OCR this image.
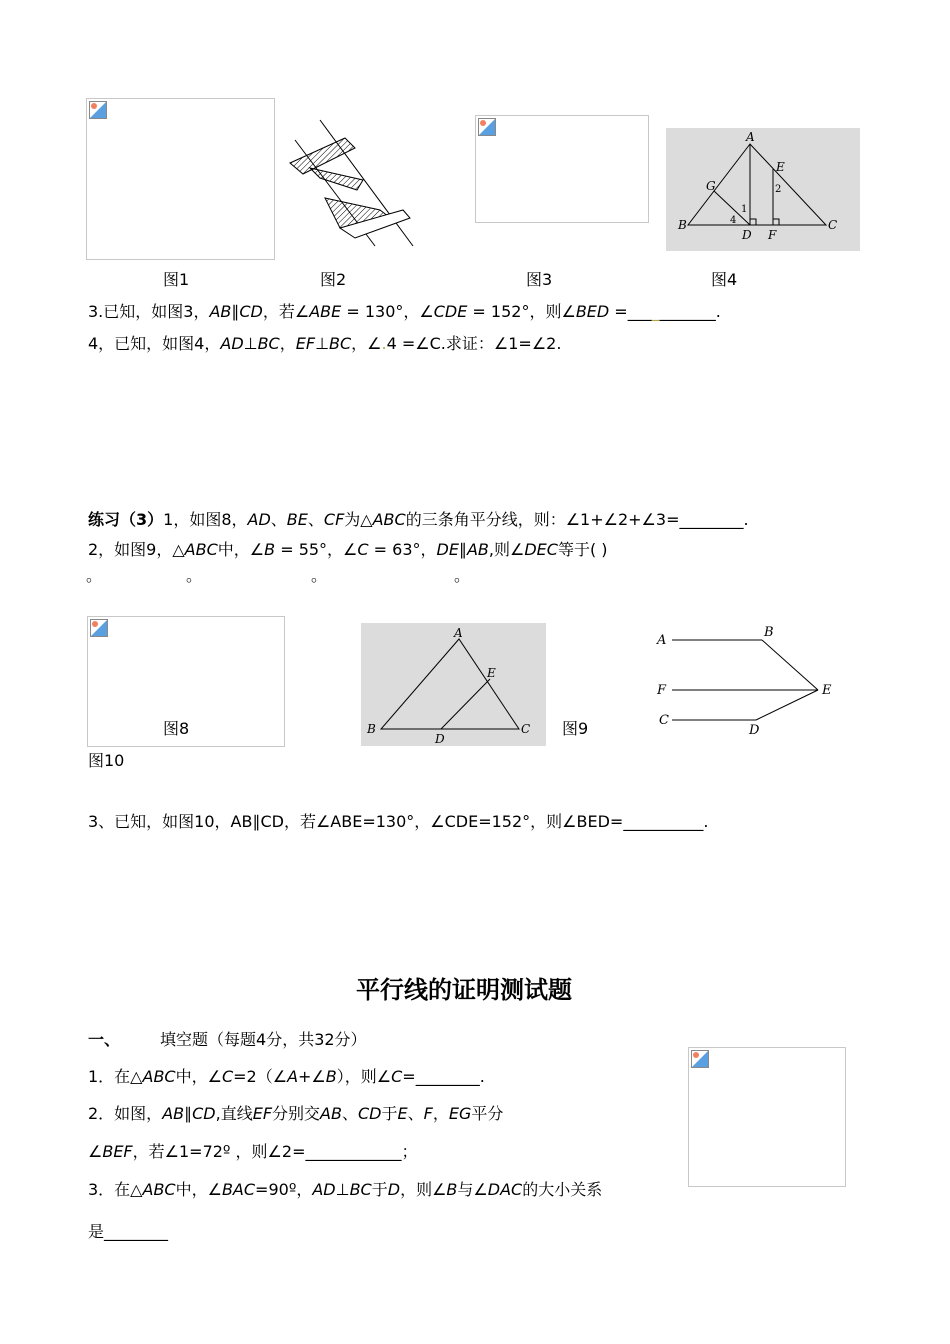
A
B	C
D
E
F
G
1
2
4
图1	图2	图3	图4
3.已知，如图3，AB∥CD，若∠ABE = 130°，∠CDE = 152°，则∠BED =___________.
4，已知，如图4，AD⊥BC，EF⊥BC，∠.4 =∠C.求证：∠1=∠2.
练习（3）1，如图8，AD、BE、CF为△ABC的三条角平分线，则：∠1+∠2+∠3=________.
2，如图9，△ABC中，∠B = 55°，∠C = 63°，DE∥AB,则∠DEC等于( )
。	。	。	。
图8
A
B	C
D
E
图9
A
B
F	E
C
D
图10
3、已知，如图10，AB∥CD，若∠ABE=130°，∠CDE=152°，则∠BED=__________.
平行线的证明测试题
一、	填空题（每题4分，共32分）
1．在△ABC中，∠C=2（∠A+∠B），则∠C=________.
2．如图，AB∥CD,直线EF分别交AB、CD于E、F，EG平分
∠BEF，若∠1=72º ，则∠2=____________；
3．在△ABC中，∠BAC=90º，AD⊥BC于D，则∠B与∠DAC的大小关系
是________
